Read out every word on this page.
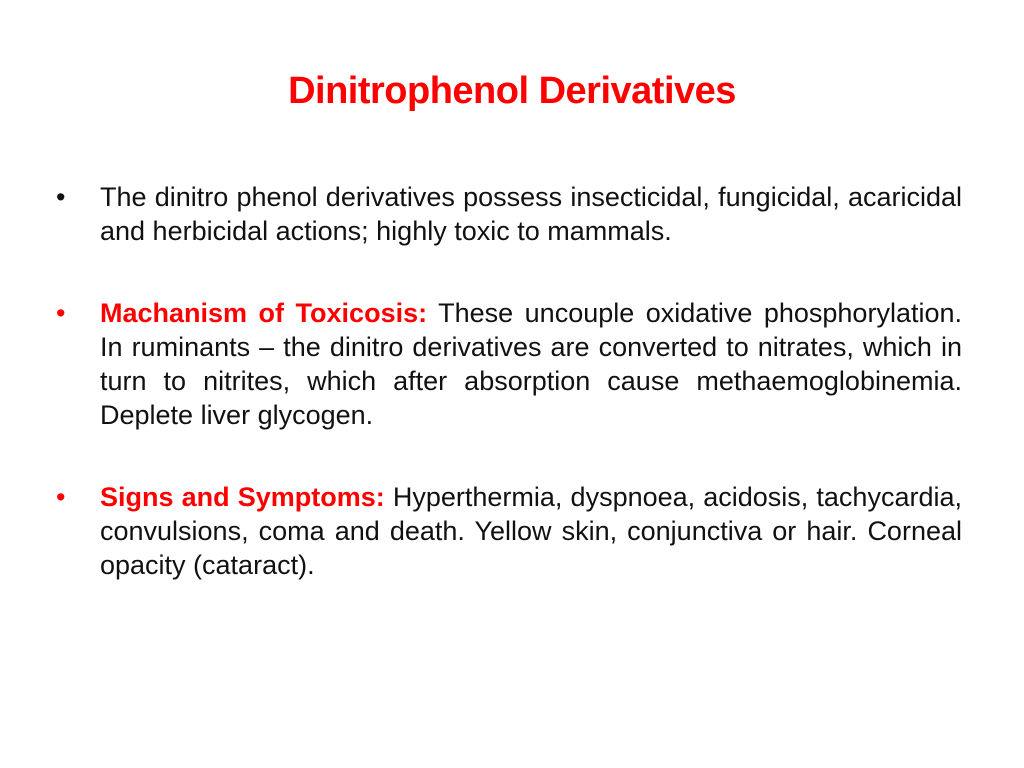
Dinitrophenol Derivatives
•	The dinitro phenol derivatives possess insecticidal, fungicidal, acaricidal and herbicidal actions; highly toxic to mammals.
•	Machanism of Toxicosis: These uncouple oxidative phosphorylation. In ruminants – the dinitro derivatives are converted to nitrates, which in turn to nitrites, which after absorption cause methaemoglobinemia. Deplete liver glycogen.
•	Signs and Symptoms: Hyperthermia, dyspnoea, acidosis, tachycardia, convulsions, coma and death. Yellow skin, conjunctiva or hair. Corneal opacity (cataract).
